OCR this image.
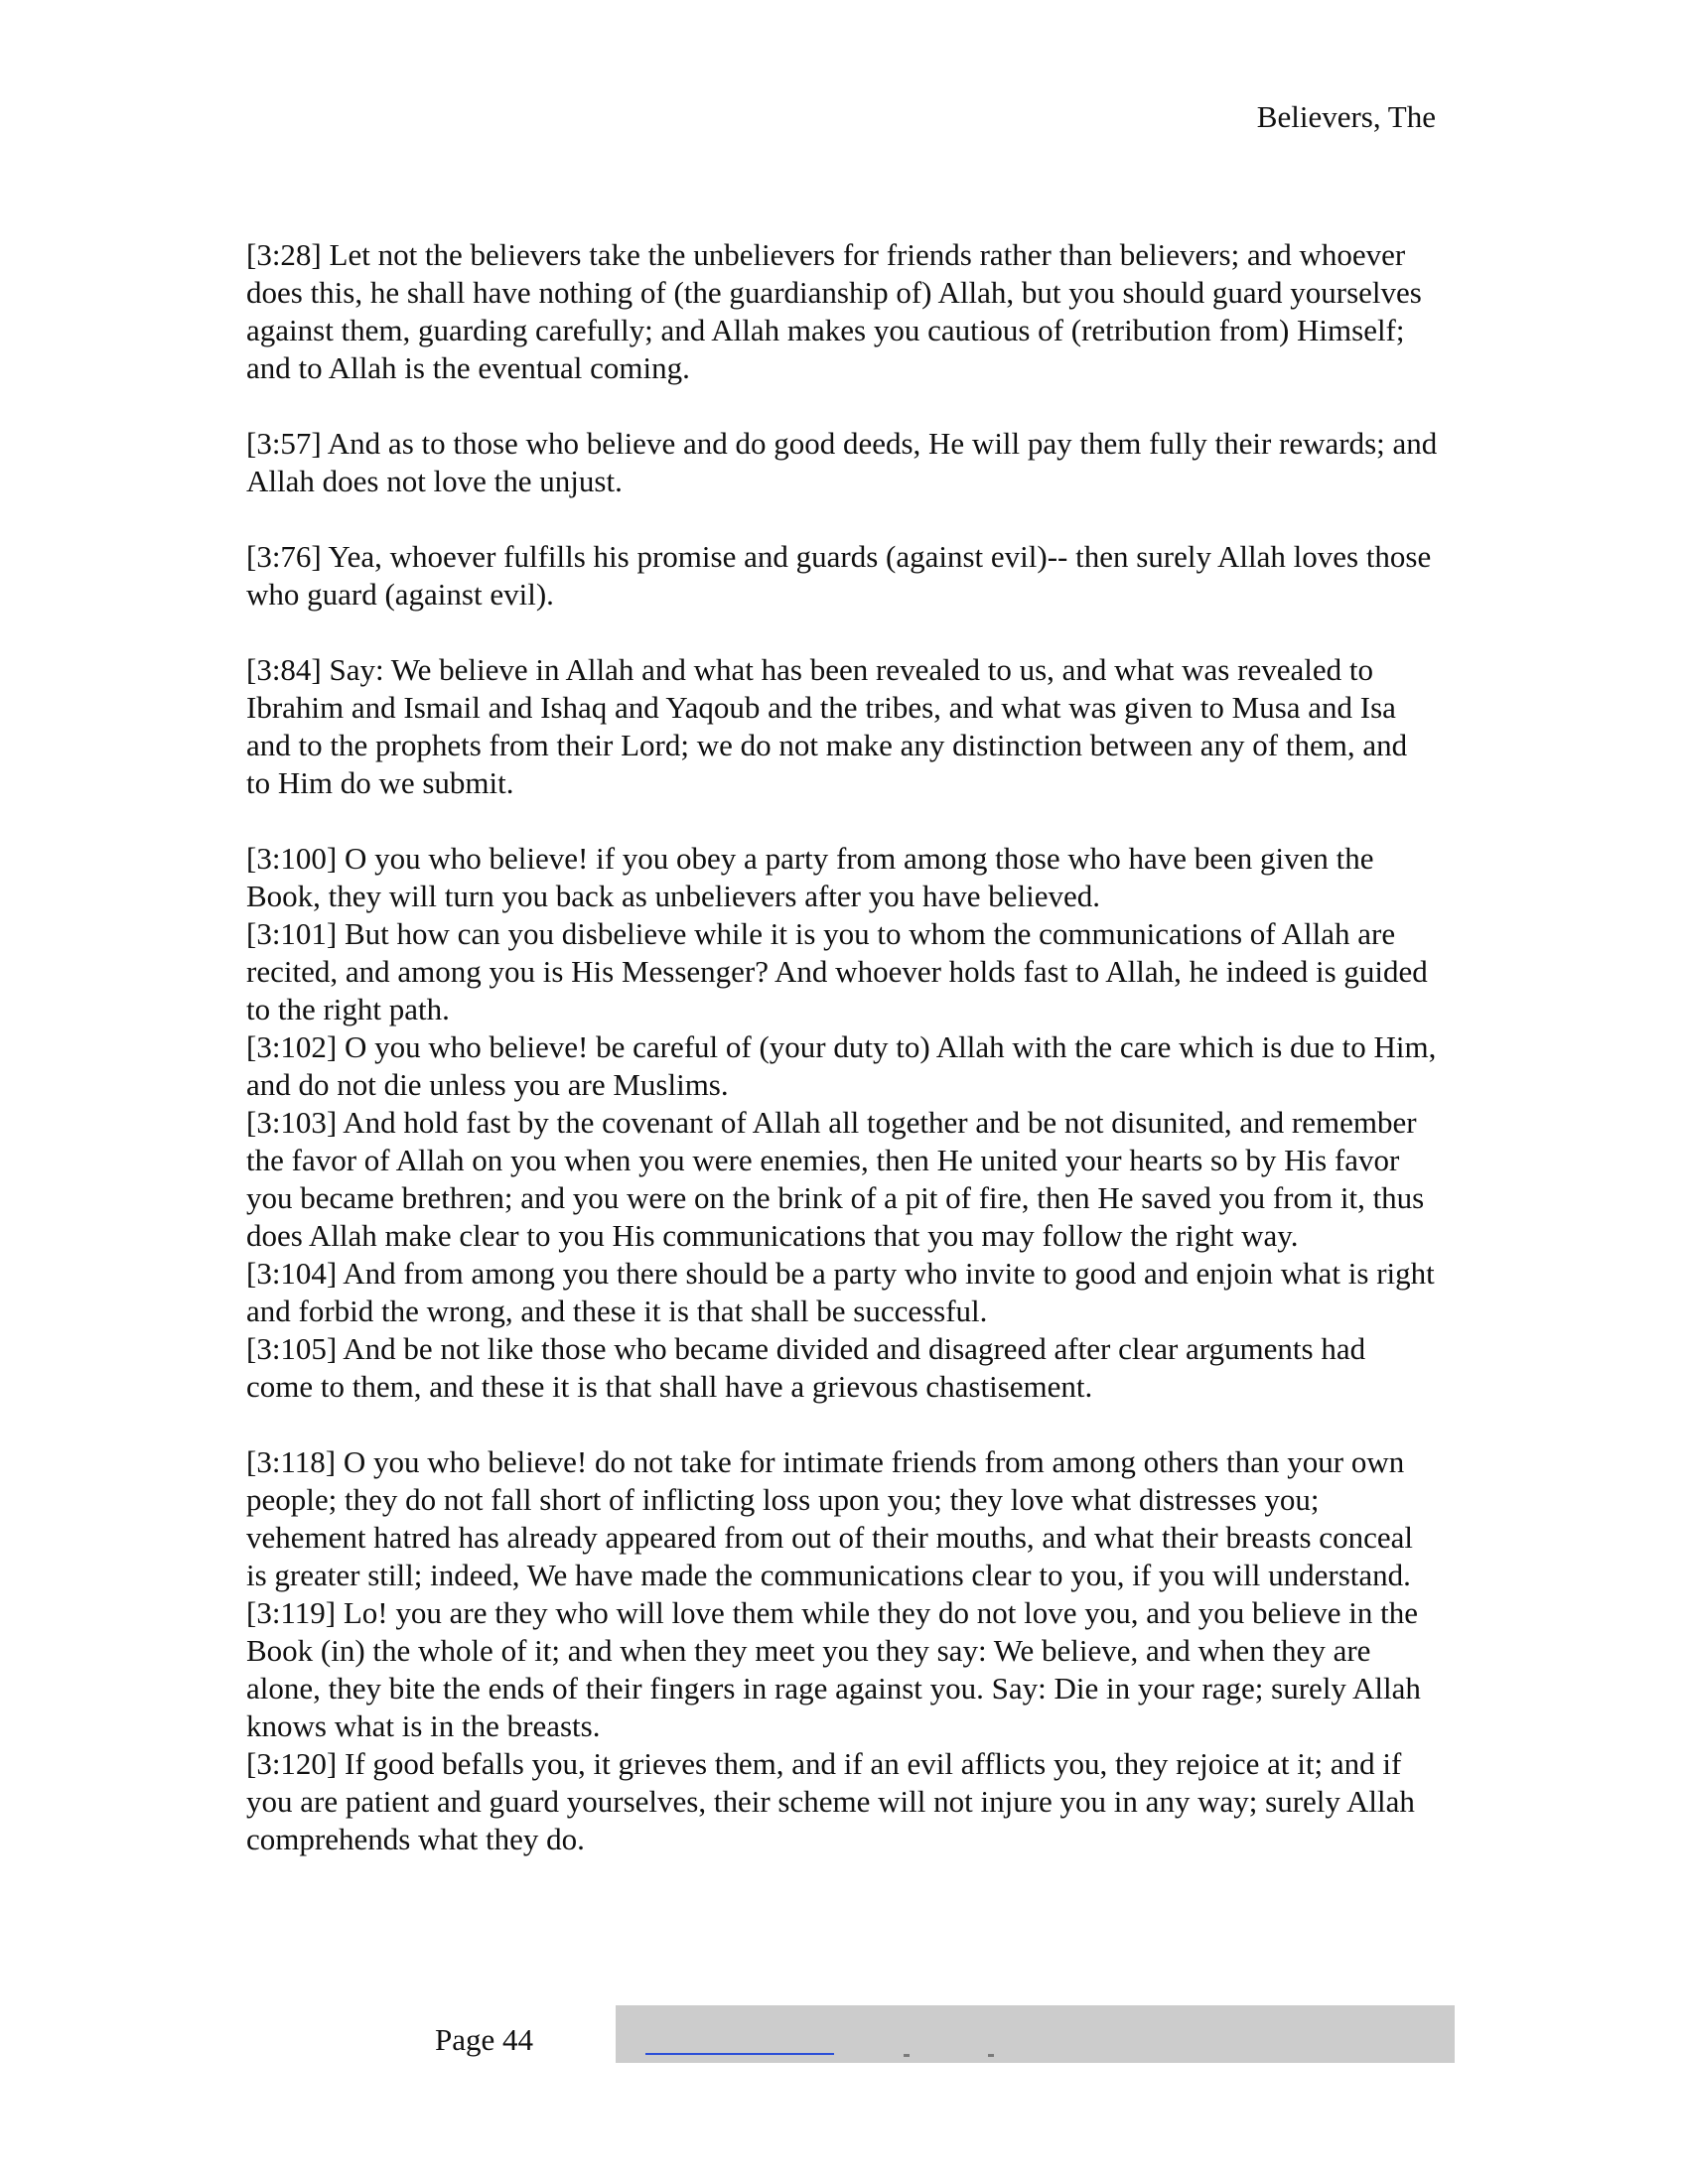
Believers, The

[3:28] Let not the believers take the unbelievers for friends rather than believers; and whoever does this, he shall have nothing of (the guardianship of) Allah, but you should guard yourselves against them, guarding carefully; and Allah makes you cautious of (retribution from) Himself; and to Allah is the eventual coming.

[3:57] And as to those who believe and do good deeds, He will pay them fully their rewards; and Allah does not love the unjust.

[3:76] Yea, whoever fulfills his promise and guards (against evil)-- then surely Allah loves those who guard (against evil).

[3:84] Say: We believe in Allah and what has been revealed to us, and what was revealed to Ibrahim and Ismail and Ishaq and Yaqoub and the tribes, and what was given to Musa and Isa and to the prophets from their Lord; we do not make any distinction between any of them, and to Him do we submit.

[3:100] O you who believe! if you obey a party from among those who have been given the Book, they will turn you back as unbelievers after you have believed.

[3:101] But how can you disbelieve while it is you to whom the communications of Allah are recited, and among you is His Messenger? And whoever holds fast to Allah, he indeed is guided to the right path.

[3:102] O you who believe! be careful of (your duty to) Allah with the care which is due to Him, and do not die unless you are Muslims.

[3:103] And hold fast by the covenant of Allah all together and be not disunited, and remember the favor of Allah on you when you were enemies, then He united your hearts so by His favor you became brethren; and you were on the brink of a pit of fire, then He saved you from it, thus does Allah make clear to you His communications that you may follow the right way.

[3:104] And from among you there should be a party who invite to good and enjoin what is right and forbid the wrong, and these it is that shall be successful.

[3:105] And be not like those who became divided and disagreed after clear arguments had come to them, and these it is that shall have a grievous chastisement.

[3:118] O you who believe! do not take for intimate friends from among others than your own people; they do not fall short of inflicting loss upon you; they love what distresses you; vehement hatred has already appeared from out of their mouths, and what their breasts conceal is greater still; indeed, We have made the communications clear to you, if you will understand.

[3:119] Lo! you are they who will love them while they do not love you, and you believe in the Book (in) the whole of it; and when they meet you they say: We believe, and when they are alone, they bite the ends of their fingers in rage against you. Say: Die in your rage; surely Allah knows what is in the breasts.

[3:120] If good befalls you, it grieves them, and if an evil afflicts you, they rejoice at it; and if you are patient and guard yourselves, their scheme will not injure you in any way; surely Allah comprehends what they do.

Page 44
